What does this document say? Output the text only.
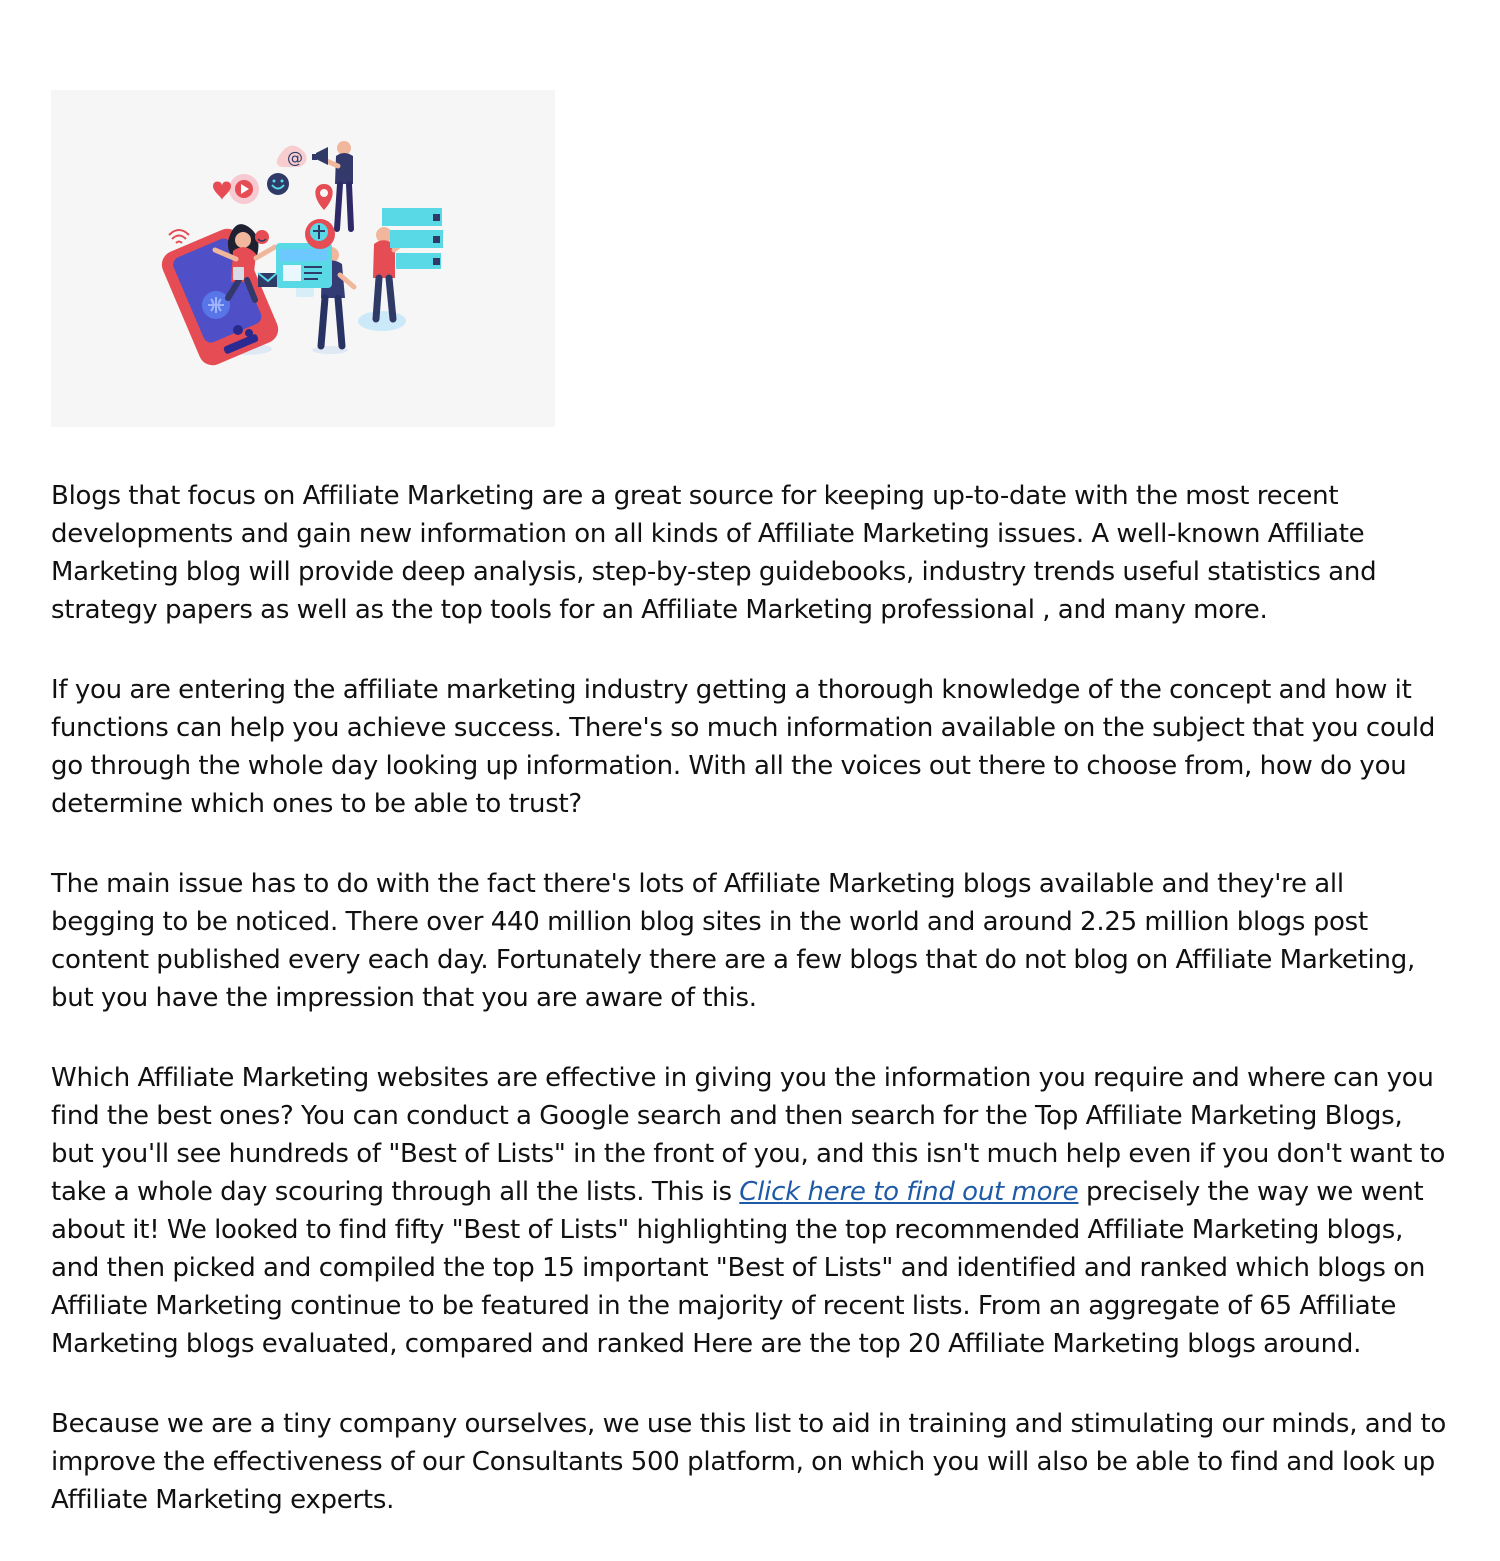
@

Blogs that focus on Affiliate Marketing are a great source for keeping up-to-date with the most recent developments and gain new information on all kinds of Affiliate Marketing issues. A well-known Affiliate Marketing blog will provide deep analysis, step-by-step guidebooks, industry trends useful statistics and strategy papers as well as the top tools for an Affiliate Marketing professional , and many more.

If you are entering the affiliate marketing industry getting a thorough knowledge of the concept and how it functions can help you achieve success. There's so much information available on the subject that you could go through the whole day looking up information. With all the voices out there to choose from, how do you determine which ones to be able to trust?

The main issue has to do with the fact there's lots of Affiliate Marketing blogs available and they're all begging to be noticed. There over 440 million blog sites in the world and around 2.25 million blogs post content published every each day. Fortunately there are a few blogs that do not blog on Affiliate Marketing, but you have the impression that you are aware of this.

Which Affiliate Marketing websites are effective in giving you the information you require and where can you find the best ones? You can conduct a Google search and then search for the Top Affiliate Marketing Blogs, but you'll see hundreds of "Best of Lists" in the front of you, and this isn't much help even if you don't want to take a whole day scouring through all the lists. This is Click here to find out more precisely the way we went about it! We looked to find fifty "Best of Lists" highlighting the top recommended Affiliate Marketing blogs, and then picked and compiled the top 15 important "Best of Lists" and identified and ranked which blogs on Affiliate Marketing continue to be featured in the majority of recent lists. From an aggregate of 65 Affiliate Marketing blogs evaluated, compared and ranked Here are the top 20 Affiliate Marketing blogs around.

Because we are a tiny company ourselves, we use this list to aid in training and stimulating our minds, and to improve the effectiveness of our Consultants 500 platform, on which you will also be able to find and look up Affiliate Marketing experts.
